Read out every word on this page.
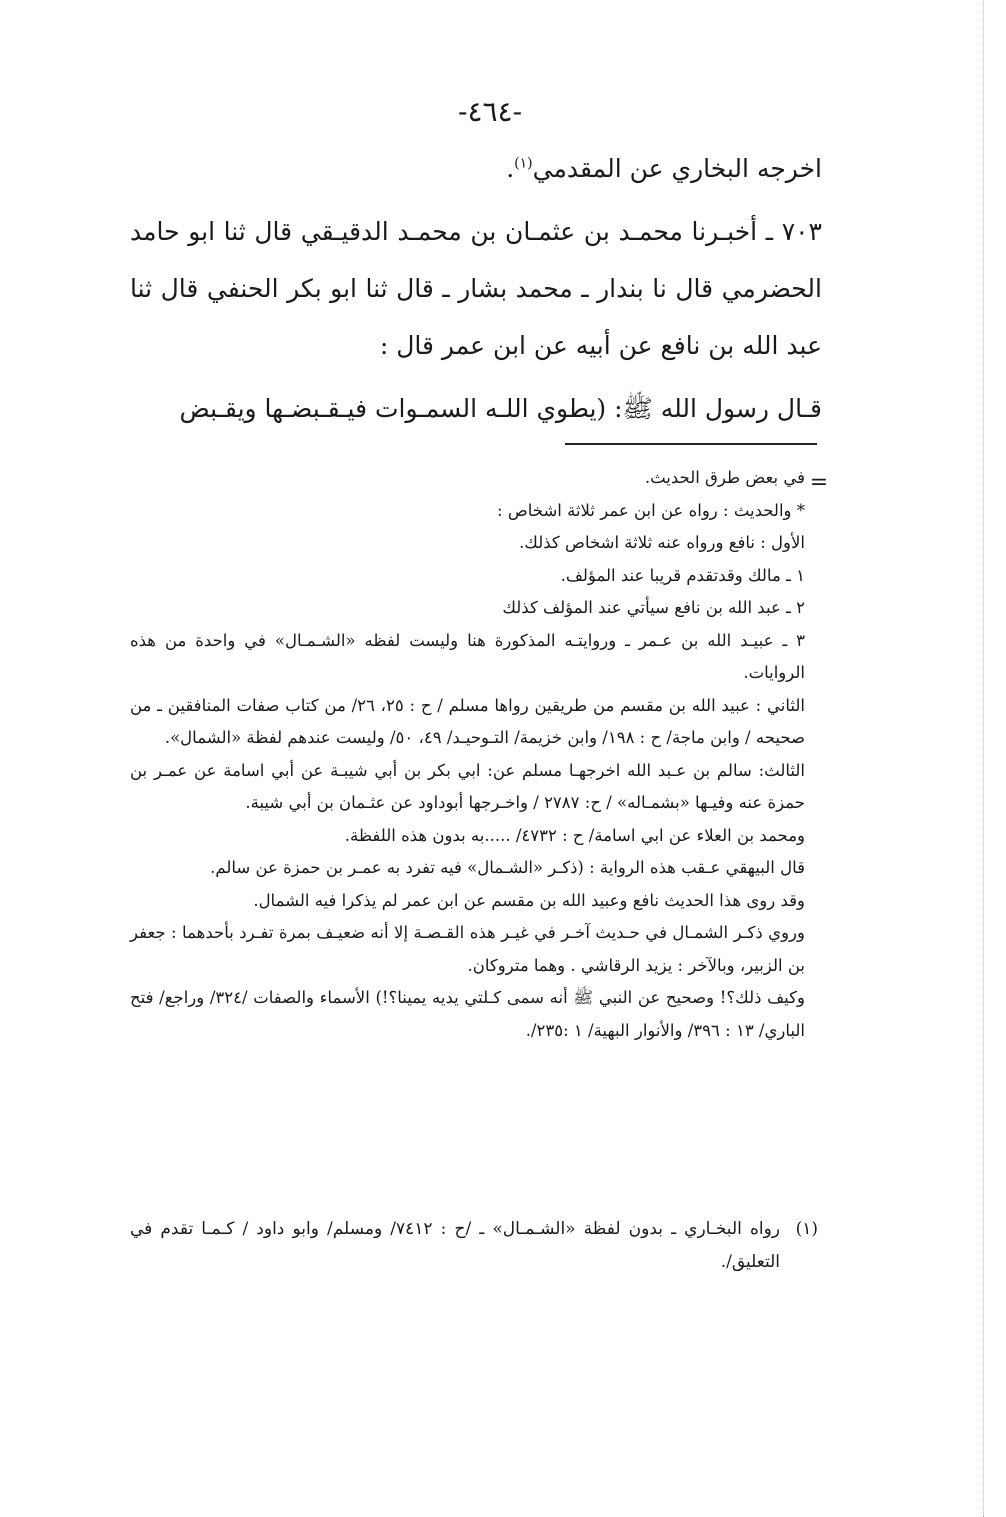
-٤٦٤-

اخرجه البخاري عن المقدمي$^{(١)}$.

٧٠٣ ـ أخبـرنا محمـد بن عثمـان بن محمـد الدقيـقي قال ثنا ابو حامد الحضرمي قال نا بندار ـ محمد بشار ـ قال ثنا ابو بكر الحنفي قال ثنا عبد الله بن نافع عن أبيه عن ابن عمر قال :

قـال رسول الله ﷺ: (يطوي اللـه السمـوات فيـقـبضـها ويقـبض

=

في بعض طرق الحديث.

* والحديث : رواه عن ابن عمر ثلاثة اشخاص :

الأول : نافع ورواه عنه ثلاثة اشخاص كذلك.

١ ـ مالك وقدتقدم قريبا عند المؤلف.

٢ ـ عبد الله بن نافع سيأتي عند المؤلف كذلك

٣ ـ عبيـد الله بن عـمر ـ وروايتـه المذكورة هنا وليست لفظه «الشـمـال» في واحدة من هذه الروايات.

الثاني : عبيد الله بن مقسم من طريقين رواها مسلم / ح : ٢٥، ٢٦/ من كتاب صفات المنافقين ـ من صحيحه / وابن ماجة/ ح : ١٩٨/ وابن خزيمة/ التـوحيـد/ ٤٩، ٥٠/ وليست عندهم لفظة «الشمال».

الثالث: سالم بن عـبد الله اخرجهـا مسلم عن: ابي بكر بن أبي شيبـة عن أبي اسامة عن عمـر بن حمزة عنه وفيـها «بشمـاله» / ح: ٢٧٨٧ / واخـرجها أبوداود عن عثـمان بن أبي شيبة.

ومحمد بن العلاء عن ابي اسامة/ ح : ٤٧٣٢/ .....به بدون هذه اللفظة.

قال البيهقي عـقب هذه الرواية : (ذكـر «الشـمال» فيه تفرد به عمـر بن حمزة عن سالم.

وقد روى هذا الحديث نافع وعبيد الله بن مقسم عن ابن عمر لم يذكرا فيه الشمال.

وروي ذكـر الشمـال في حـديث آخـر في غيـر هذه القـصـة إلا أنه ضعيـف بمرة تفـرد بأحدهما : جعفر بن الزبير، وبالآخر : يزيد الرقاشي . وهما متروكان.

وكيف ذلك؟! وصحيح عن النبي ﷺ أنه سمى كـلتي يديه يمينا؟!) الأسماء والصفات /٣٢٤/ وراجع/ فتح الباري/ ١٣ : ٣٩٦/ والأنوار البهية/ ١ :٢٣٥/.

(١)
رواه البخـاري ـ بدون لفظة «الشـمـال» ـ /ح : ٧٤١٢/ ومسلم/ وابو داود / كـمـا تقدم في التعليق/.
